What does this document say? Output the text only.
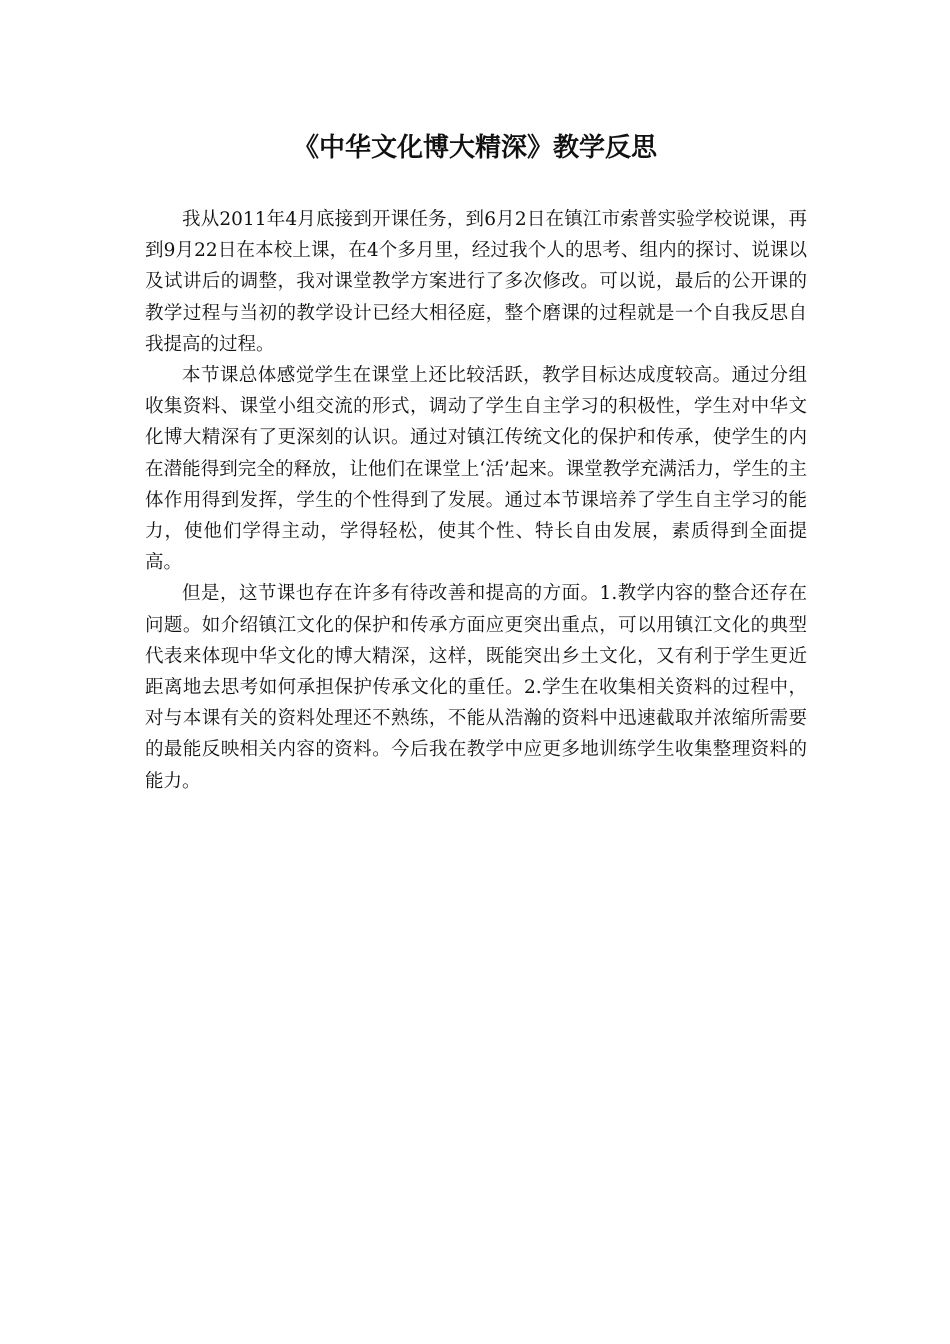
《中华文化博大精深》教学反思

我从2011年4月底接到开课任务，到6月2日在镇江市索普实验学校说课，再到9月22日在本校上课，在4个多月里，经过我个人的思考、组内的探讨、说课以及试讲后的调整，我对课堂教学方案进行了多次修改。可以说，最后的公开课的教学过程与当初的教学设计已经大相径庭，整个磨课的过程就是一个自我反思自我提高的过程。

本节课总体感觉学生在课堂上还比较活跃，教学目标达成度较高。通过分组收集资料、课堂小组交流的形式，调动了学生自主学习的积极性，学生对中华文化博大精深有了更深刻的认识。通过对镇江传统文化的保护和传承，使学生的内在潜能得到完全的释放，让他们在课堂上‘活’起来。课堂教学充满活力，学生的主体作用得到发挥，学生的个性得到了发展。通过本节课培养了学生自主学习的能力，使他们学得主动，学得轻松，使其个性、特长自由发展，素质得到全面提高。

但是，这节课也存在许多有待改善和提高的方面。1.教学内容的整合还存在问题。如介绍镇江文化的保护和传承方面应更突出重点，可以用镇江文化的典型代表来体现中华文化的博大精深，这样，既能突出乡土文化，又有利于学生更近距离地去思考如何承担保护传承文化的重任。2.学生在收集相关资料的过程中，对与本课有关的资料处理还不熟练，不能从浩瀚的资料中迅速截取并浓缩所需要的最能反映相关内容的资料。今后我在教学中应更多地训练学生收集整理资料的能力。
